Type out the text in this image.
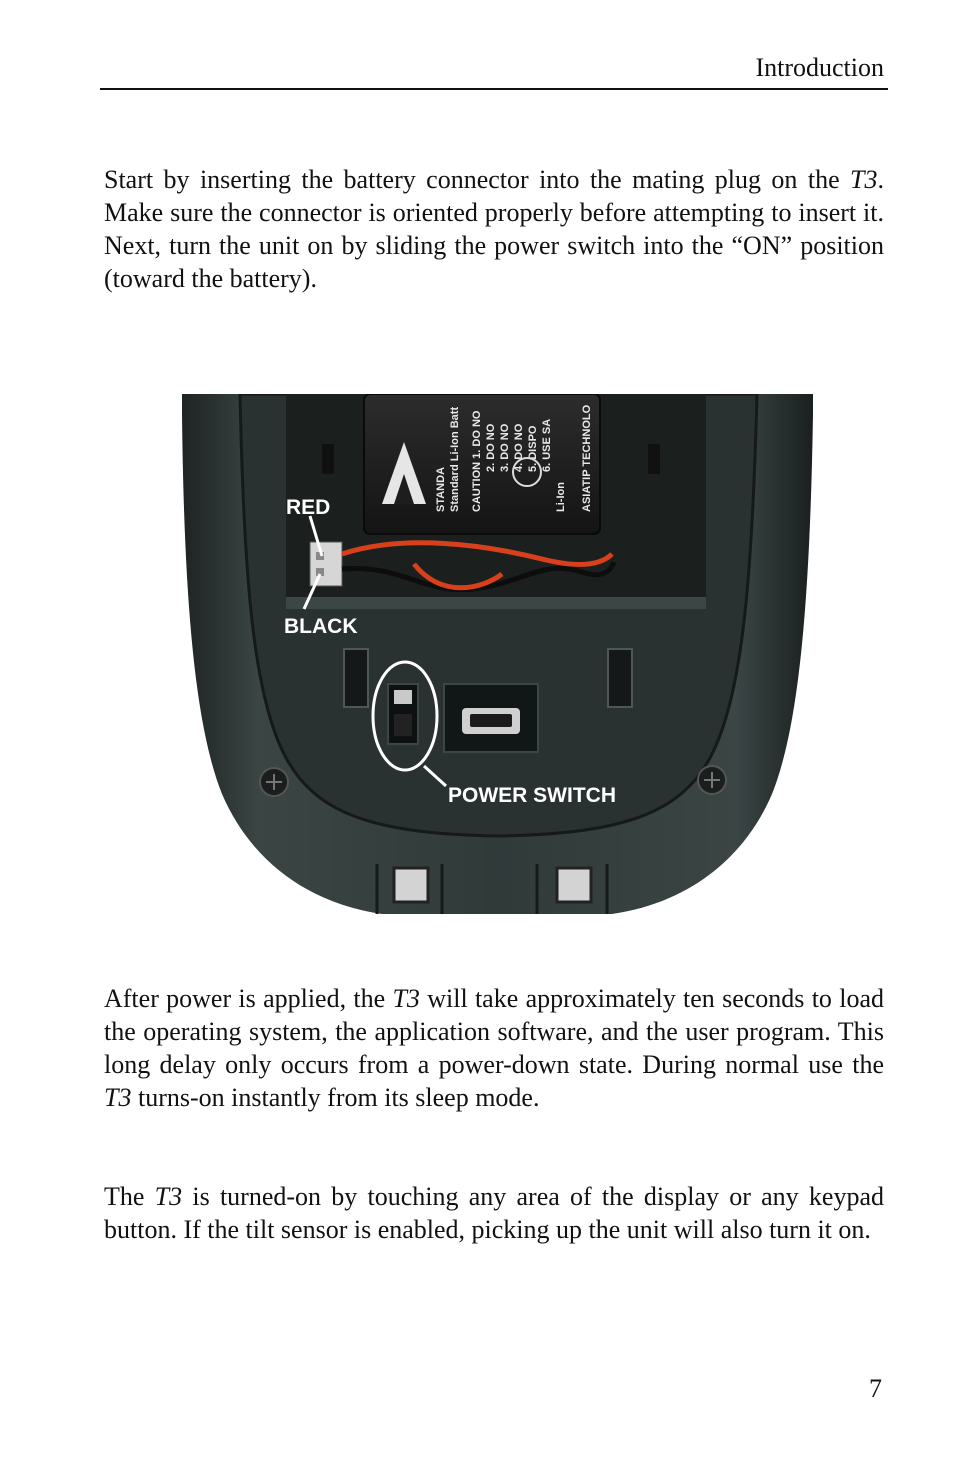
Introduction

Start by inserting the battery connector into the mating plug on the T3. Make sure the connector is oriented properly before attempting to insert it. Next, turn the unit on by sliding the power switch into the “ON” position (toward the battery).

STANDA Standard Li-Ion Batt CAUTION 1. DO NO 2. DO NO 3. DO NO 4. DO NO 5. DISPO 6. USE SA
Li-Ion ASIATIP TECHNOLO
RED
BLACK
POWER SWITCH

After power is applied, the T3 will take approximately ten seconds to load the operating system, the application software, and the user program. This long delay only occurs from a power-down state. During normal use the T3 turns-on instantly from its sleep mode.

The T3 is turned-on by touching any area of the display or any keypad button. If the tilt sensor is enabled, picking up the unit will also turn it on.

7
